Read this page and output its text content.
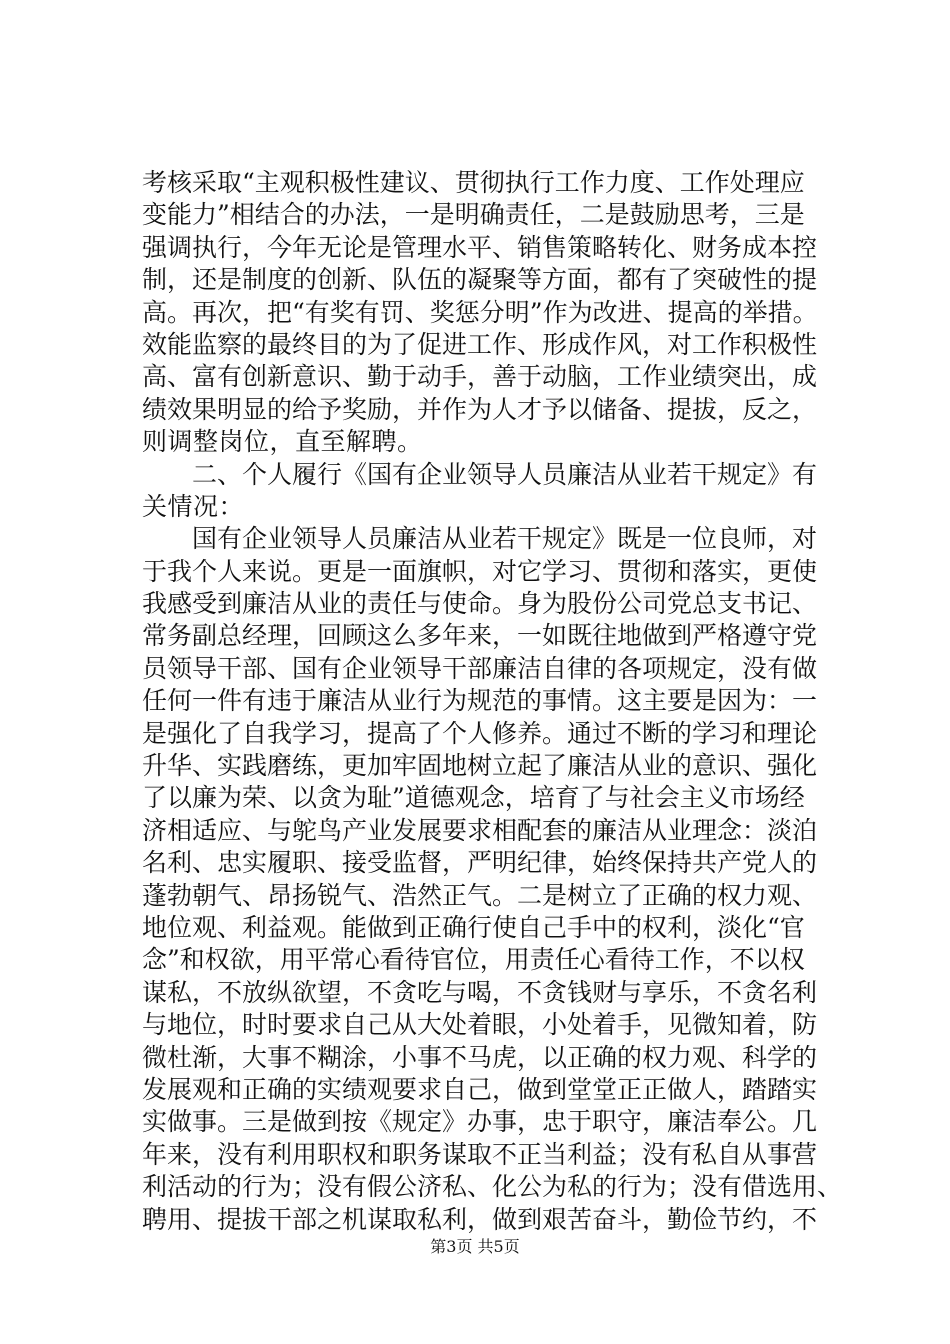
考核采取“主观积极性建议、贯彻执行工作力度、工作处理应
变能力”相结合的办法，一是明确责任，二是鼓励思考，三是
强调执行，今年无论是管理水平、销售策略转化、财务成本控
制，还是制度的创新、队伍的凝聚等方面，都有了突破性的提
高。再次，把“有奖有罚、奖惩分明”作为改进、提高的举措。
效能监察的最终目的为了促进工作、形成作风，对工作积极性
高、富有创新意识、勤于动手，善于动脑，工作业绩突出，成
绩效果明显的给予奖励，并作为人才予以储备、提拔，反之，
则调整岗位，直至解聘。
　　二、个人履行《国有企业领导人员廉洁从业若干规定》有
关情况：
　　国有企业领导人员廉洁从业若干规定》既是一位良师，对
于我个人来说。更是一面旗帜，对它学习、贯彻和落实，更使
我感受到廉洁从业的责任与使命。身为股份公司党总支书记、
常务副总经理，回顾这么多年来，一如既往地做到严格遵守党
员领导干部、国有企业领导干部廉洁自律的各项规定，没有做
任何一件有违于廉洁从业行为规范的事情。这主要是因为：一
是强化了自我学习，提高了个人修养。通过不断的学习和理论
升华、实践磨练，更加牢固地树立起了廉洁从业的意识、强化
了以廉为荣、以贪为耻”道德观念，培育了与社会主义市场经
济相适应、与鸵鸟产业发展要求相配套的廉洁从业理念：淡泊
名利、忠实履职、接受监督，严明纪律，始终保持共产党人的
蓬勃朝气、昂扬锐气、浩然正气。二是树立了正确的权力观、
地位观、利益观。能做到正确行使自己手中的权利，淡化“官
念”和权欲，用平常心看待官位，用责任心看待工作，不以权
谋私，不放纵欲望，不贪吃与喝，不贪钱财与享乐，不贪名利
与地位，时时要求自己从大处着眼，小处着手，见微知着，防
微杜渐，大事不糊涂，小事不马虎，以正确的权力观、科学的
发展观和正确的实绩观要求自己，做到堂堂正正做人，踏踏实
实做事。三是做到按《规定》办事，忠于职守，廉洁奉公。几
年来，没有利用职权和职务谋取不正当利益；没有私自从事营
利活动的行为；没有假公济私、化公为私的行为；没有借选用、
聘用、提拔干部之机谋取私利，做到艰苦奋斗，勤俭节约，不
第3页 共5页
